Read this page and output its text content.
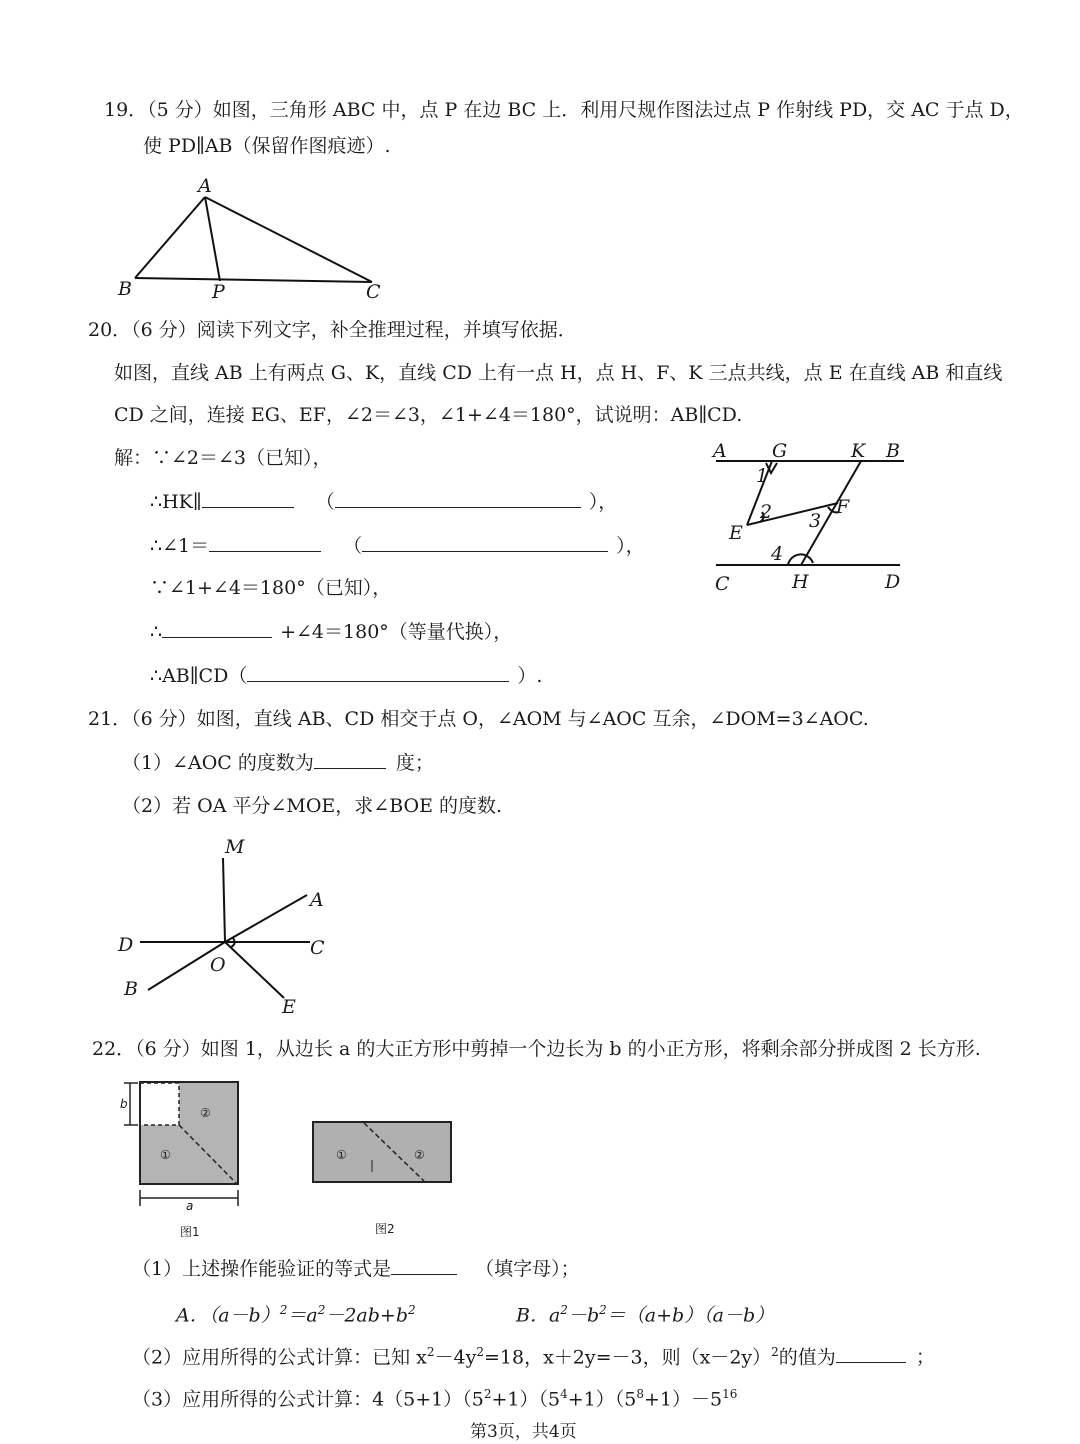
19．（5 分）如图，三角形 ABC 中，点 P 在边 BC 上．利用尺规作图法过点 P 作射线 PD，交 AC 于点 D，
使 PD∥AB（保留作图痕迹）.
A
B	P	C
20．（6 分）阅读下列文字，补全推理过程，并填写依据．
如图，直线 AB 上有两点 G、K，直线 CD 上有一点 H，点 H、F、K 三点共线，点 E 在直线 AB 和直线
CD 之间，连接 EG、EF，∠2＝∠3，∠1+∠4＝180°，试说明：AB∥CD.
解：∵∠2＝∠3（已知），
∴HK∥	（	），
∴∠1＝	（	），
∵∠1+∠4＝180°（已知），
∴	+∠4＝180°（等量代换），
∴AB∥CD（	）.
A G	K B
1
2 3
F
E
4
C	H	D
21．（6 分）如图，直线 AB、CD 相交于点 O，∠AOM 与∠AOC 互余，∠DOM=3∠AOC.
（1）∠AOC 的度数为	度；
（2）若 OA 平分∠MOE，求∠BOE 的度数.
M
A
D	C
O
B
E
22．（6 分）如图 1，从边长 a 的大正方形中剪掉一个边长为 b 的小正方形，将剩余部分拼成图 2 长方形.
b
a
②
①
图1
①	②
图2
（1）上述操作能验证的等式是	（填字母）；
A．$(a-b)^2=a^2-2ab+b^2$	B．$a^2-b^2=(a+b)(a-b)$
（2）应用所得的公式计算：已知 $x^2-4y^2=18$，x＋2y=－3，则$(x-2y)^2$的值为	；
（3）应用所得的公式计算：$4(5+1)(5^2+1)(5^4+1)(5^8+1)-5^{16}$
第3页，共4页
